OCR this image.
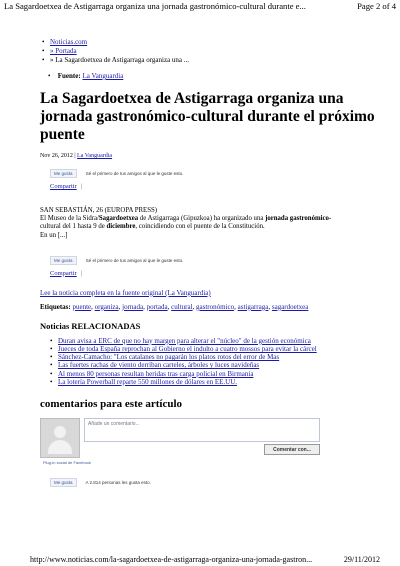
La Sagardoetxea de Astigarraga organiza una jornada gastronómico-cultural durante e...	Page 2 of 4
• Noticias.com
• » Portada
• » La Sagardoetxea de Astigarraga organiza una ...
• Fuente: La Vanguardia
La Sagardoetxea de Astigarraga organiza una jornada gastronómico-cultural durante el próximo puente
Nov 26, 2012 | La Vanguardia
Me gusta	Sé el primero de tus amigos al que le guste esto.
Compartir |
SAN SEBASTIÁN, 26 (EUROPA PRESS)
El Museo de la Sidra/Sagardoetxea de Astigarraga (Gipuzkoa) ha organizado una jornada gastronómico-
cultural del 1 hasta 9 de diciembre, coincidiendo con el puente de la Constitución.
En un [...]
Me gusta	Sé el primero de tus amigos al que le guste esto.
Compartir |
Lee la noticia completa en la fuente original (La Vanguardia)
Etiquetas: puente, organiza, jornada, portada, cultural, gastronómico, astigarraga, sagardoetxea
Noticias RELACIONADAS
• Duran avisa a ERC de que no hay margen para alterar el "núcleo" de la gestión económica
• Jueces de toda España reprochan al Gobierno el indulto a cuatro mossos para evitar la cárcel
• Sánchez-Camacho: "Los catalanes no pagarán los platos rotos del error de Mas
• Las fuertes rachas de viento derriban carteles, árboles y luces navideñas
• Al menos 80 personas resultan heridas tras carga policial en Birmania
• La lotería Powerball reparte 550 millones de dólares en EE.UU.
comentarios para este artículo
Añade un comentario...
Comentar con...
Plug-in social de Facebook
Me gusta	A 2.814 personas les gusta esto.
http://www.noticias.com/la-sagardoetxea-de-astigarraga-organiza-una-jornada-gastron...	29/11/2012
